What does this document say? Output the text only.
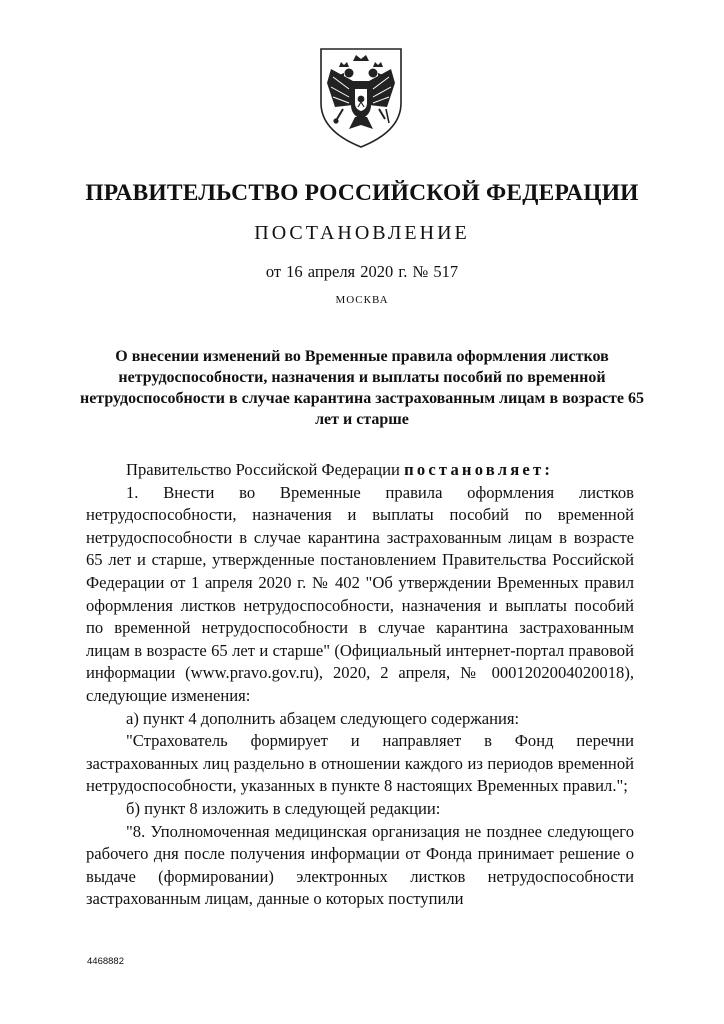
ПРАВИТЕЛЬСТВО РОССИЙСКОЙ ФЕДЕРАЦИИ
ПОСТАНОВЛЕНИЕ
от 16 апреля 2020 г. № 517
МОСКВА
О внесении изменений во Временные правила оформления листков нетрудоспособности, назначения и выплаты пособий по временной нетрудоспособности в случае карантина застрахованным лицам в возрасте 65 лет и старше

Правительство Российской Федерации постановляет:

1. Внести во Временные правила оформления листков нетрудоспособности, назначения и выплаты пособий по временной нетрудоспособности в случае карантина застрахованным лицам в возрасте 65 лет и старше, утвержденные постановлением Правительства Российской Федерации от 1 апреля 2020 г. № 402 "Об утверждении Временных правил оформления листков нетрудоспособности, назначения и выплаты пособий по временной нетрудоспособности в случае карантина застрахованным лицам в возрасте 65 лет и старше" (Официальный интернет-портал правовой информации (www.pravo.gov.ru), 2020, 2 апреля, № 0001202004020018), следующие изменения:

а) пункт 4 дополнить абзацем следующего содержания:

"Страхователь формирует и направляет в Фонд перечни застрахованных лиц раздельно в отношении каждого из периодов временной нетрудоспособности, указанных в пункте 8 настоящих Временных правил.";

б) пункт 8 изложить в следующей редакции:

"8. Уполномоченная медицинская организация не позднее следующего рабочего дня после получения информации от Фонда принимает решение о выдаче (формировании) электронных листков нетрудоспособности застрахованным лицам, данные о которых поступили

4468882
